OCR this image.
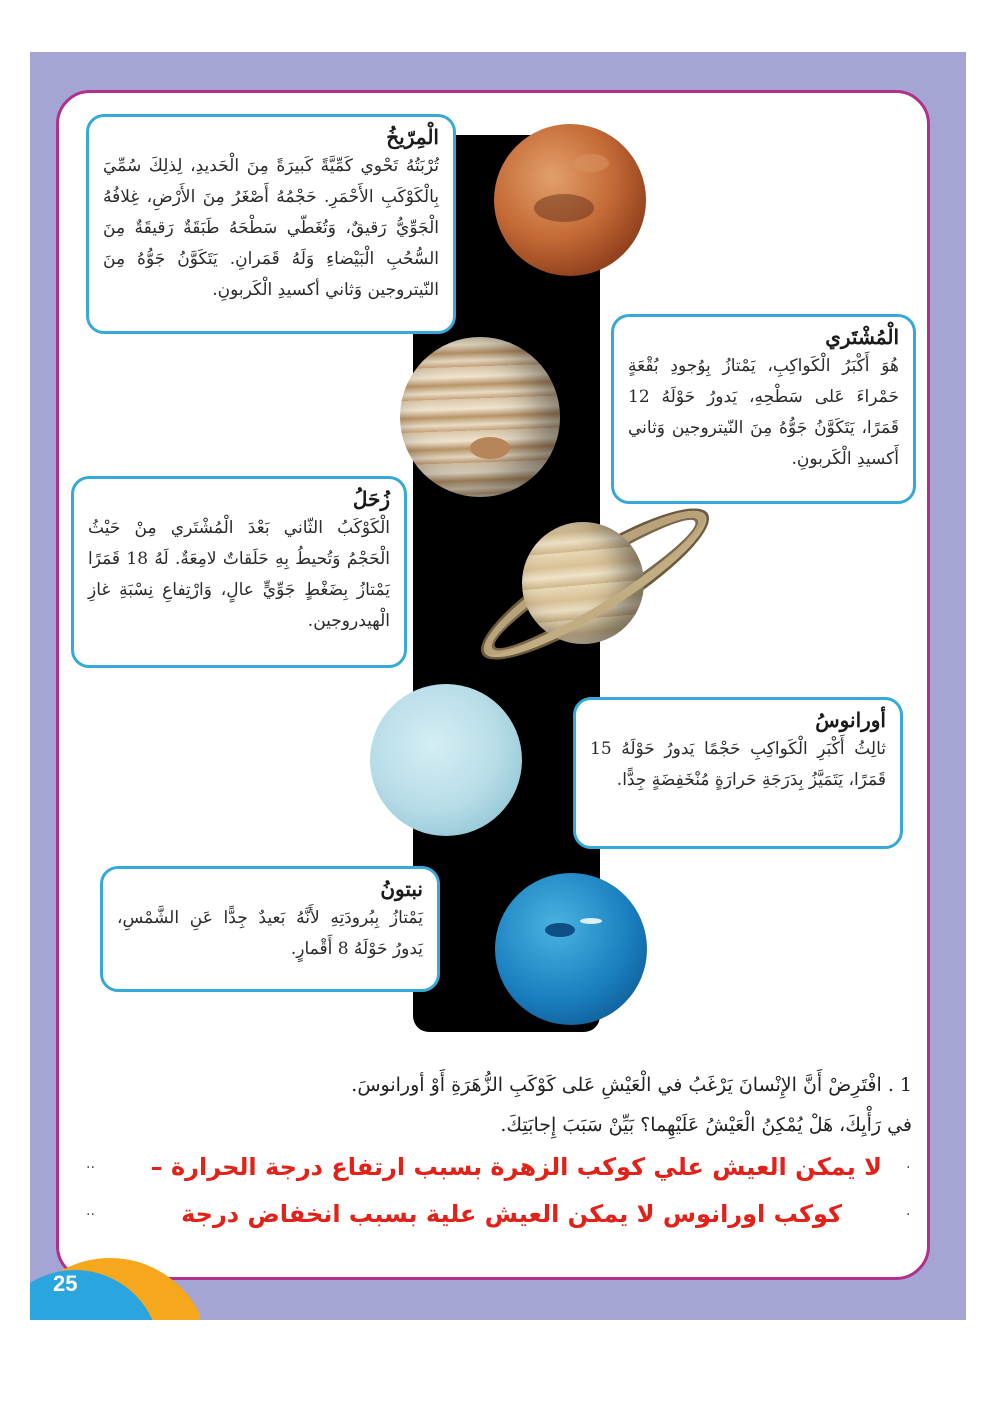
الْمِرّيخُ

تُرْبَتُهُ تَحْوي كَمِّيَّةً كَبيرَةً مِنَ الْحَديدِ، لِذلِكَ سُمِّيَ بِالْكَوْكَبِ الأَحْمَرِ. حَجْمُهُ أَصْغَرُ مِنَ الأَرْضِ، غِلافُهُ الْجَوِّيُّ رَقيقٌ، وَتُغَطّي سَطْحَهُ طَبَقَةٌ رَقيقَةٌ مِنَ السُّحُبِ الْبَيْضاءِ وَلَهُ قَمَرانِ. يَتَكَوَّنُ جَوُّهُ مِنَ النّيتروجين وَثاني أكسيدِ الْكَربونِ.

الْمُشْتَري

هُوَ أَكْبَرُ الْكَواكِبِ، يَمْتازُ بِوُجودِ بُقْعَةٍ حَمْراءَ عَلى سَطْحِهِ، يَدورُ حَوْلَهُ 12 قَمَرًا، يَتَكَوَّنُ جَوُّهُ مِنَ النّيتروجين وَثاني أَكسيدِ الْكَربونِ.

زُحَلُ

الْكَوْكَبُ الثّاني بَعْدَ الْمُشْتَري مِنْ حَيْثُ الْحَجْمُ وَتُحيطُ بِهِ حَلَقاتٌ لامِعَةٌ. لَهُ 18 قَمَرًا يَمْتازُ بِضَغْطٍ جَوِّيٍّ عالٍ، وَارْتِفاعِ نِسْبَةِ غازِ الْهيدروجين.

أورانوسُ

ثالِثُ أَكْبَرِ الْكَواكِبِ حَجْمًا يَدورُ حَوْلَهُ 15 قَمَرًا، يَتَمَيَّزُ بِدَرَجَةِ حَرارَةٍ مُنْخَفِضَةٍ جِدًّا.

نبتونُ

يَمْتازُ بِبُرودَتِهِ لأَنَّهُ بَعيدٌ جِدًّا عَنِ الشَّمْسِ، يَدورُ حَوْلَهُ 8 أَقْمارٍ.

1 . افْتَرِضْ أَنَّ الإِنْسانَ يَرْغَبُ في الْعَيْشِ عَلى كَوْكَبِ الزُّهَرَةِ أَوْ أورانوسَ.
في رَأْيِكَ، هَلْ يُمْكِنُ الْعَيْشُ عَلَيْهِما؟ بَيِّنْ سَبَبَ إِجابَتِكَ.
·
··	لا يمكن العيش علي كوكب الزهرة بسبب ارتفاع درجة الحرارة –
·
··	كوكب اورانوس لا يمكن العيش علية بسبب انخفاض درجة
25
